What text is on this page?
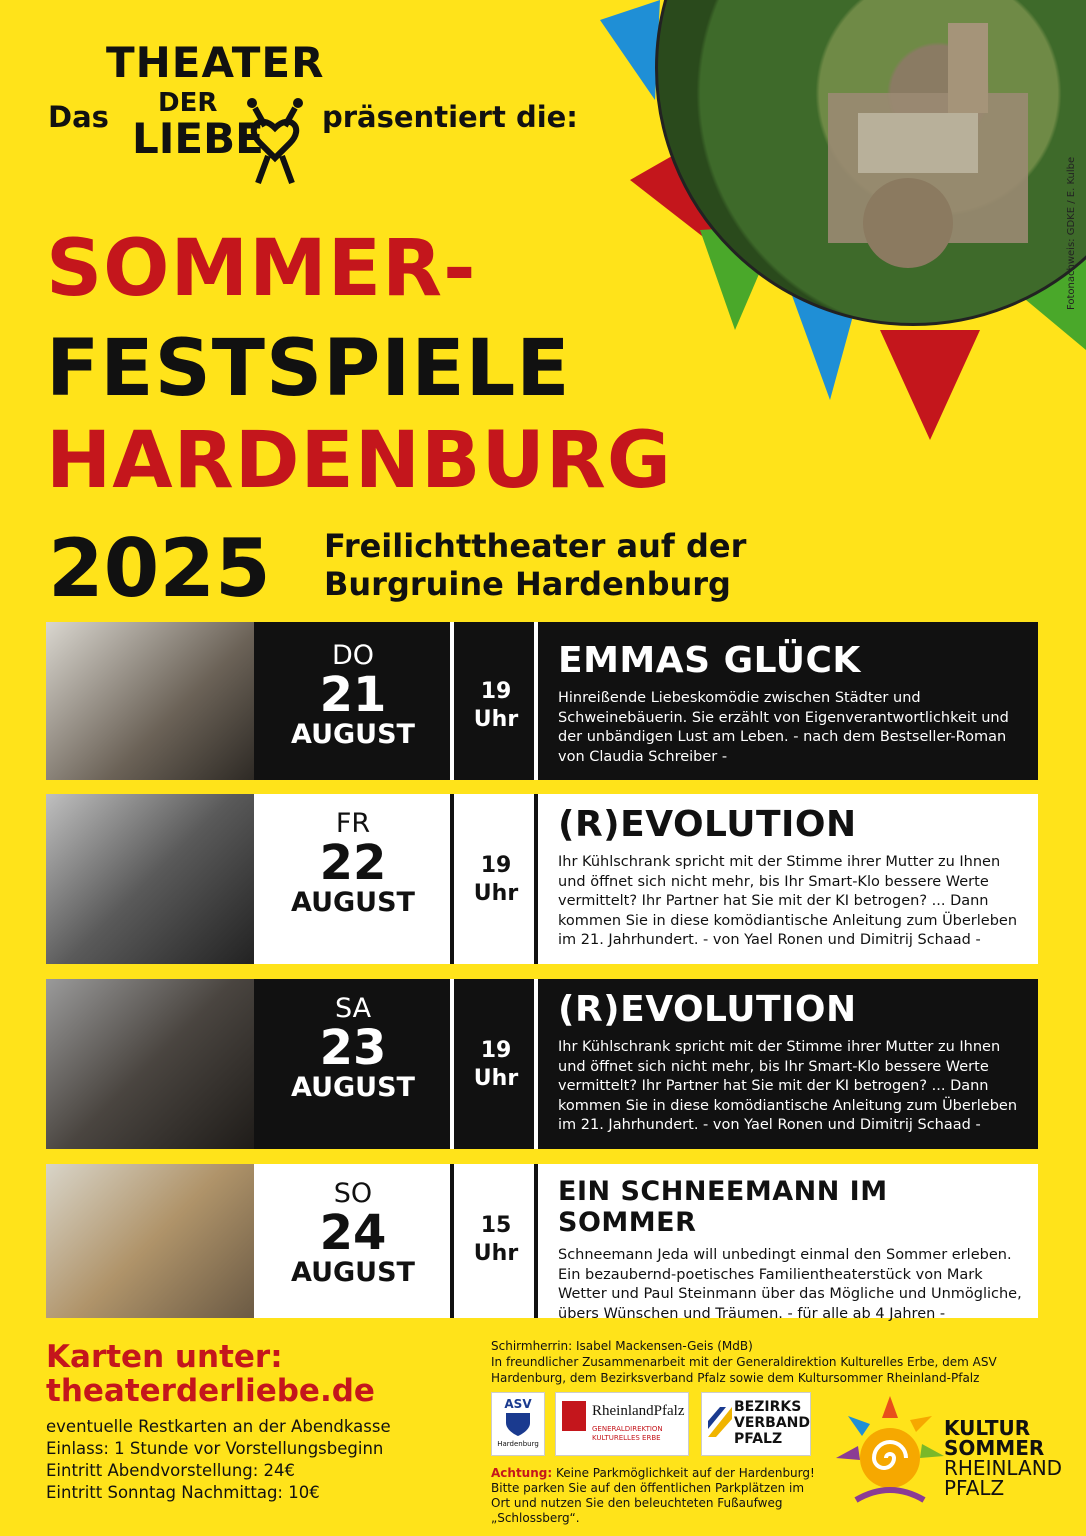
Fotonachweis: GDKE / E. Kulbe
Das
THEATER
DER
LIEBE präsentiert die:
SOMMER-
FESTSPIELE
HARDENBURG
2025 Freilichttheater auf der
Burgruine Hardenburg
DO
21
AUGUST
19
Uhr
EMMAS GLÜCK

Hinreißende Liebeskomödie zwischen Städter und Schweinebäuerin. Sie erzählt von Eigenverantwortlichkeit und der unbändigen Lust am Leben. - nach dem Bestseller-Roman von Claudia Schreiber -

FR
22
AUGUST
19
Uhr
(R)EVOLUTION

Ihr Kühlschrank spricht mit der Stimme ihrer Mutter zu Ihnen und öffnet sich nicht mehr, bis Ihr Smart-Klo bessere Werte vermittelt? Ihr Partner hat Sie mit der KI betrogen? ... Dann kommen Sie in diese komödiantische Anleitung zum Überleben im 21. Jahrhundert. - von Yael Ronen und Dimitrij Schaad -

SA
23
AUGUST
19
Uhr
(R)EVOLUTION

Ihr Kühlschrank spricht mit der Stimme ihrer Mutter zu Ihnen und öffnet sich nicht mehr, bis Ihr Smart-Klo bessere Werte vermittelt? Ihr Partner hat Sie mit der KI betrogen? ... Dann kommen Sie in diese komödiantische Anleitung zum Überleben im 21. Jahrhundert. - von Yael Ronen und Dimitrij Schaad -

SO
24
AUGUST
15
Uhr
EIN SCHNEEMANN IM SOMMER

Schneemann Jeda will unbedingt einmal den Sommer erleben. Ein bezaubernd-poetisches Familientheaterstück von Mark Wetter und Paul Steinmann über das Mögliche und Unmögliche, übers Wünschen und Träumen. - für alle ab 4 Jahren -

Karten unter:
theaterderliebe.de
eventuelle Restkarten an der Abendkasse
Einlass: 1 Stunde vor Vorstellungsbeginn
Eintritt Abendvorstellung: 24€
Eintritt Sonntag Nachmittag: 10€
Schirmherrin: Isabel Mackensen-Geis (MdB)
In freundlicher Zusammenarbeit mit der Generaldirektion Kulturelles Erbe, dem ASV Hardenburg, dem Bezirksverband Pfalz sowie dem Kultursommer Rheinland-Pfalz
ASV
Hardenburg
RheinlandPfalz
GENERALDIREKTION
KULTURELLES ERBE
BEZIRKS
VERBAND
PFALZ
Achtung: Keine Parkmöglichkeit auf der Hardenburg! Bitte parken Sie auf den öffentlichen Parkplätzen im Ort und nutzen Sie den beleuchteten Fußaufweg „Schlossberg“.
KULTUR
SOMMER
RHEINLAND
PFALZ
